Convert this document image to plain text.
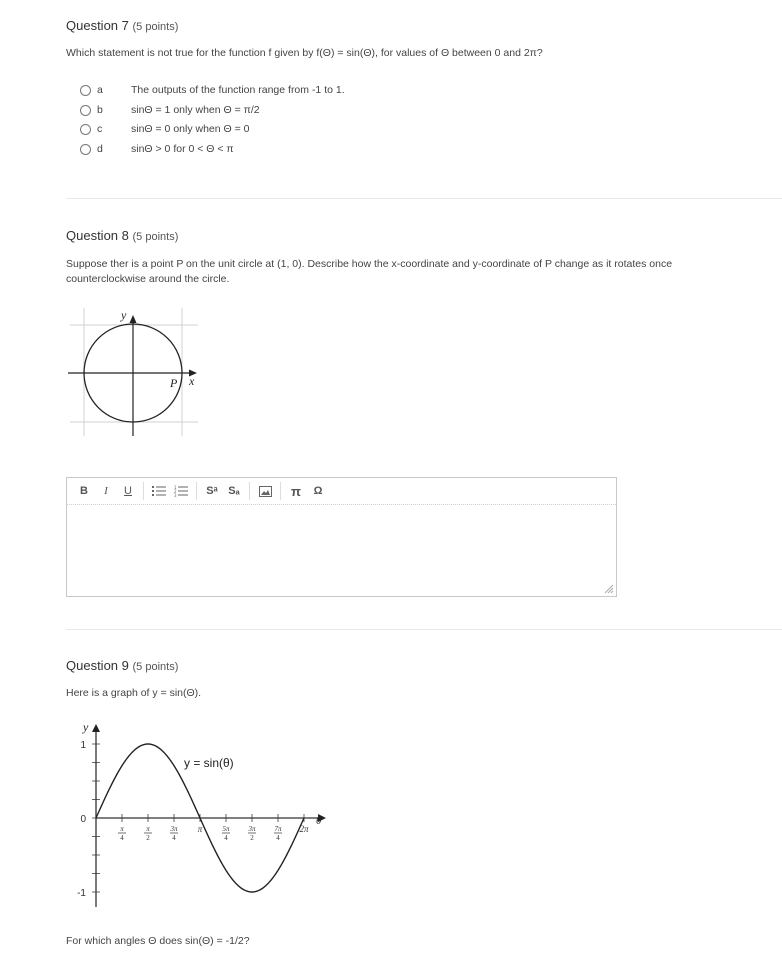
Question 7 (5 points)
Which statement is not true for the function f given by f(Θ) = sin(Θ), for values of Θ between 0 and 2π?
a	The outputs of the function range from -1 to 1.
b	sinΘ = 1 only when Θ = π/2
c	sinΘ = 0 only when Θ = 0
d	sinΘ > 0 for 0 < Θ < π
Question 8 (5 points)
Suppose ther is a point P on the unit circle at (1, 0). Describe how the x-coordinate and y-coordinate of P change as it rotates once counterclockwise around the circle.
y
P x
B	I	U	1
2
3	Sᵃ Sₐ	π Ω
Question 9 (5 points)
Here is a graph of y = sin(Θ).
y
θ
y = sin(θ)
1
0
-1
π
4
π
2
3π
4
π	5π
4
3π
2
7π
4
2π
For which angles Θ does sin(Θ) = -1/2?
